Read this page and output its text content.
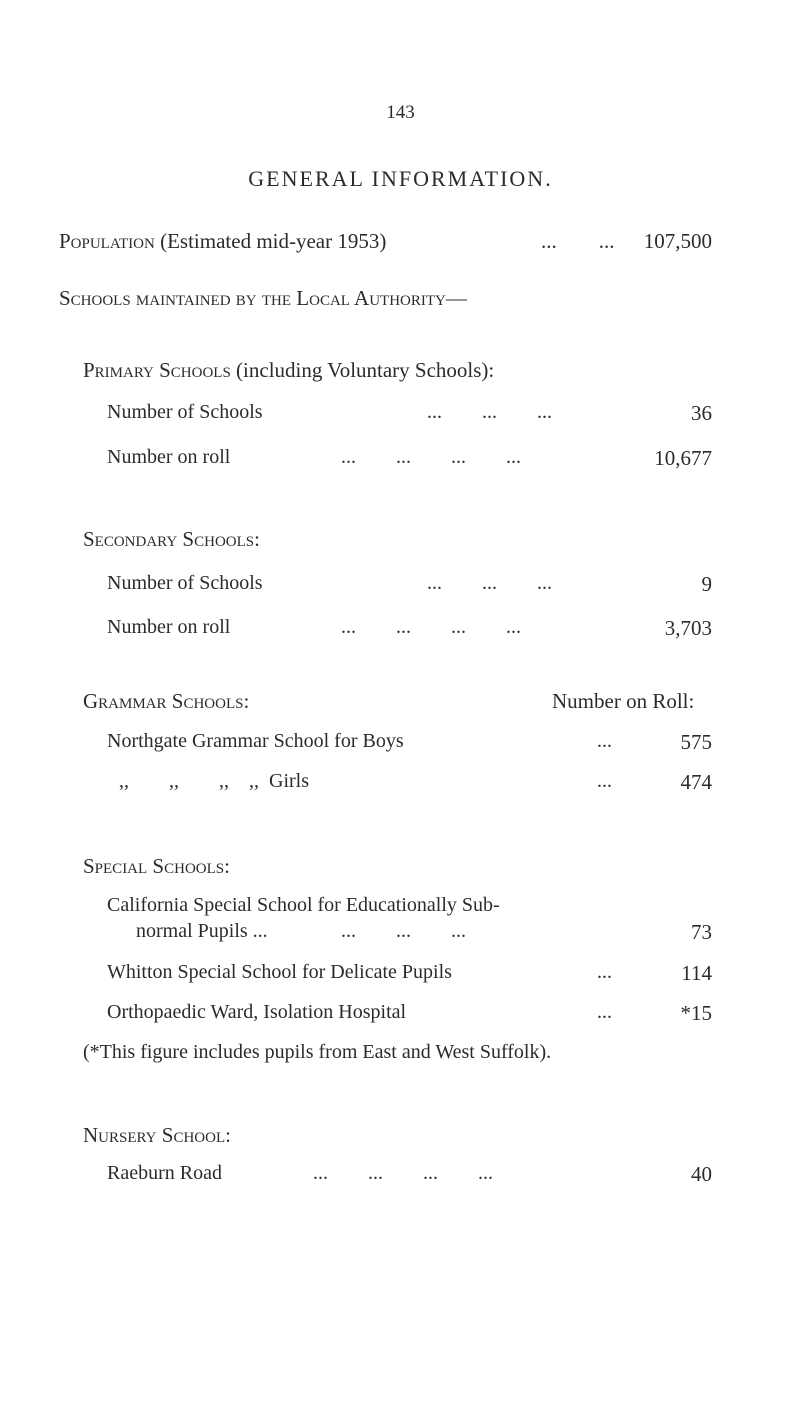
143
GENERAL INFORMATION.
Population (Estimated mid-year 1953)	...        ... 107,500
Schools maintained by the Local Authority—
Primary Schools (including Voluntary Schools):
Number of Schools	...        ...        ...	36
Number on roll	...        ...        ...        ...	10,677
Secondary Schools:
Number of Schools	...        ...        ...	9
Number on roll	...        ...        ...        ...	3,703
Grammar Schools:	Number on Roll:
Northgate Grammar School for Boys	...	575
,,        ,,        ,,    ,,  Girls	...	474
Special Schools:
California Special School for Educationally Sub-
normal Pupils ...	...        ...        ...	73
Whitton Special School for Delicate Pupils	...	114
Orthopaedic Ward, Isolation Hospital	...	*15
(*This figure includes pupils from East and West Suffolk).
Nursery School:
Raeburn Road	...        ...        ...        ...	40
